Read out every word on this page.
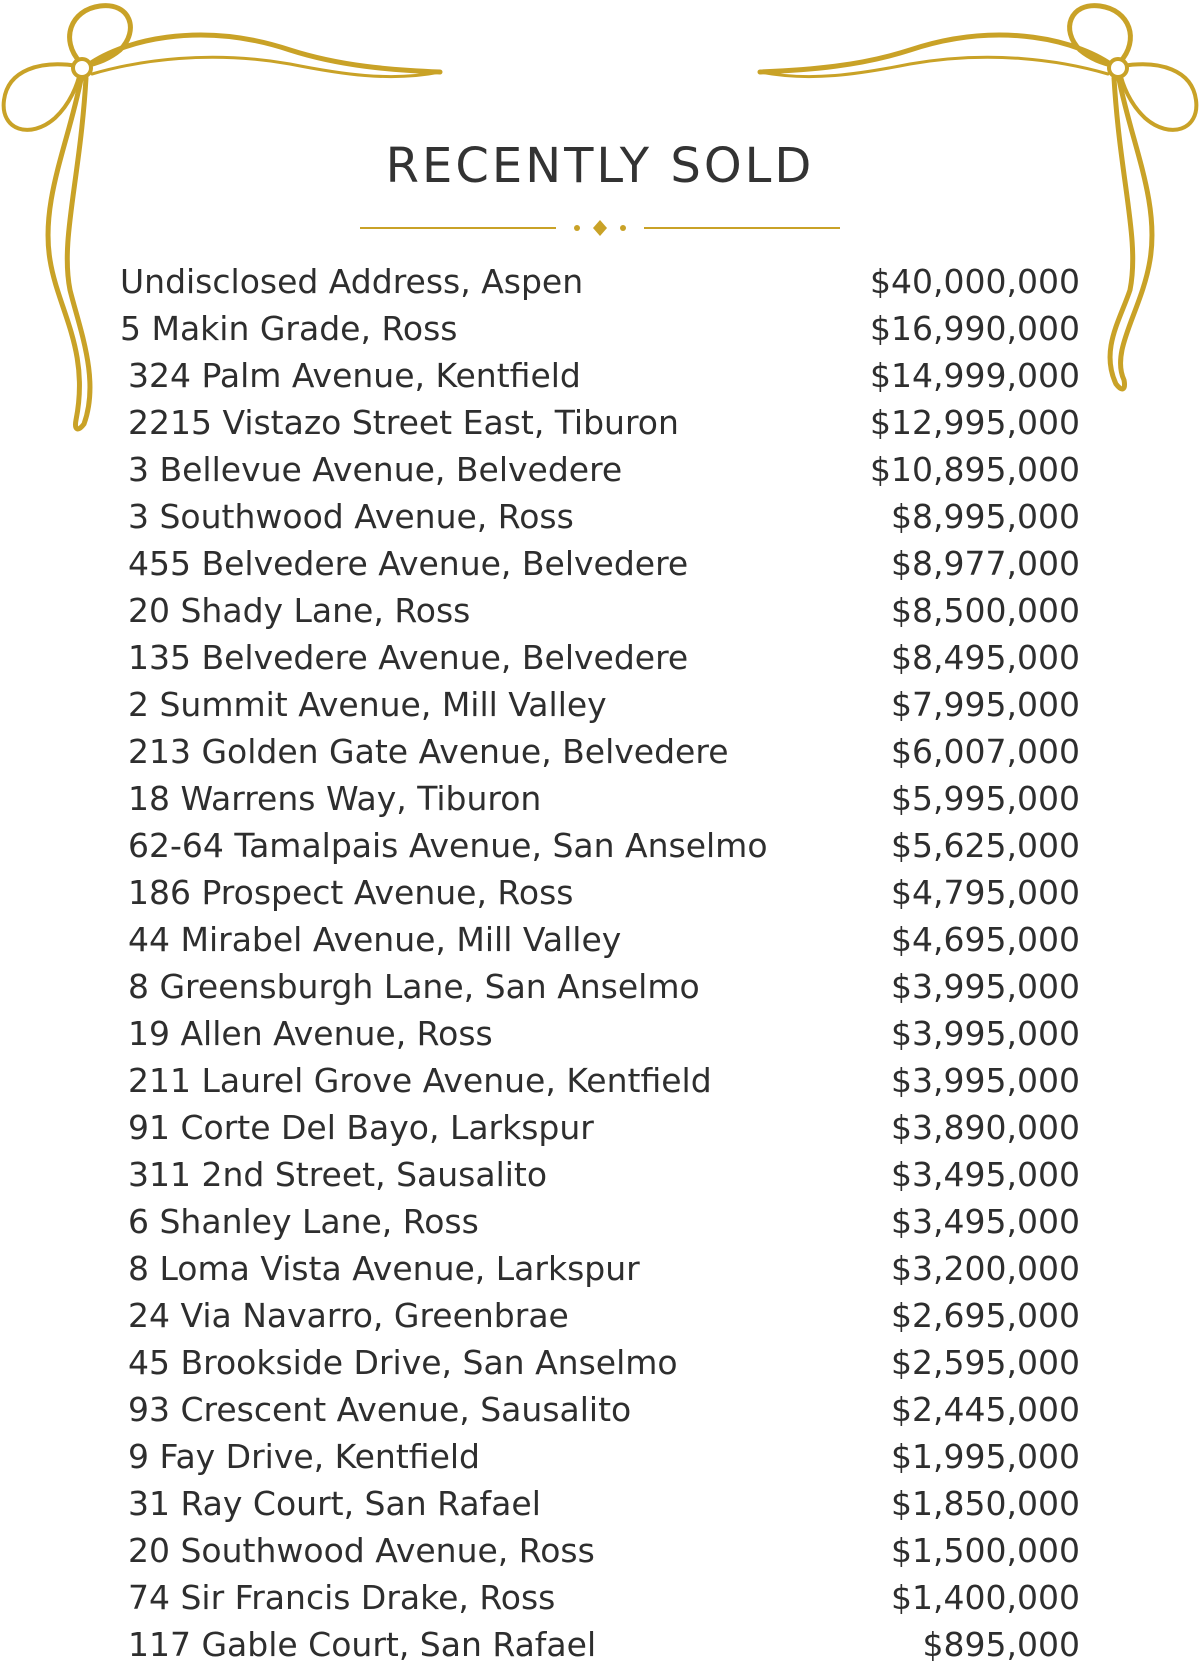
RECENTLY SOLD
Undisclosed Address, Aspen	$40,000,000
5 Makin Grade, Ross	$16,990,000
324 Palm Avenue, Kentfield	$14,999,000
2215 Vistazo Street East, Tiburon	$12,995,000
3 Bellevue Avenue, Belvedere	$10,895,000
3 Southwood Avenue, Ross	$8,995,000
455 Belvedere Avenue, Belvedere	$8,977,000
20 Shady Lane, Ross	$8,500,000
135 Belvedere Avenue, Belvedere	$8,495,000
2 Summit Avenue, Mill Valley	$7,995,000
213 Golden Gate Avenue, Belvedere	$6,007,000
18 Warrens Way, Tiburon	$5,995,000
62-64 Tamalpais Avenue, San Anselmo	$5,625,000
186 Prospect Avenue, Ross	$4,795,000
44 Mirabel Avenue, Mill Valley	$4,695,000
8 Greensburgh Lane, San Anselmo	$3,995,000
19 Allen Avenue, Ross	$3,995,000
211 Laurel Grove Avenue, Kentfield	$3,995,000
91 Corte Del Bayo, Larkspur	$3,890,000
311 2nd Street, Sausalito	$3,495,000
6 Shanley Lane, Ross	$3,495,000
8 Loma Vista Avenue, Larkspur	$3,200,000
24 Via Navarro, Greenbrae	$2,695,000
45 Brookside Drive, San Anselmo	$2,595,000
93 Crescent Avenue, Sausalito	$2,445,000
9 Fay Drive, Kentfield	$1,995,000
31 Ray Court, San Rafael	$1,850,000
20 Southwood Avenue, Ross	$1,500,000
74 Sir Francis Drake, Ross	$1,400,000
117 Gable Court, San Rafael	$895,000
